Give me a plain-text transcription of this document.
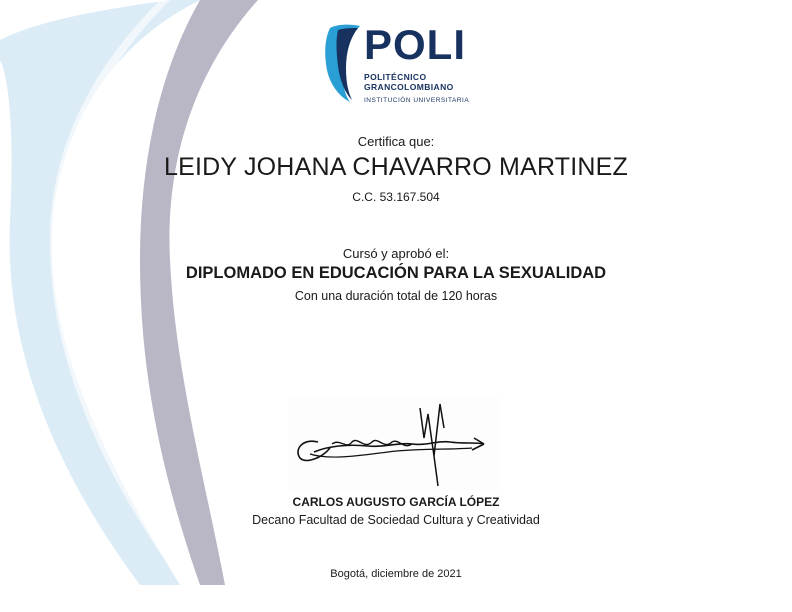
POLI
POLITÉCNICO
GRANCOLOMBIANO
INSTITUCIÓN UNIVERSITARIA
Certifica que:
LEIDY JOHANA CHAVARRO MARTINEZ
C.C. 53.167.504
Cursó y aprobó el:
DIPLOMADO EN EDUCACIÓN PARA LA SEXUALIDAD
Con una duración total de 120 horas
CARLOS AUGUSTO GARCÍA LÓPEZ
Decano Facultad de Sociedad Cultura y Creatividad
Bogotá, diciembre de 2021
